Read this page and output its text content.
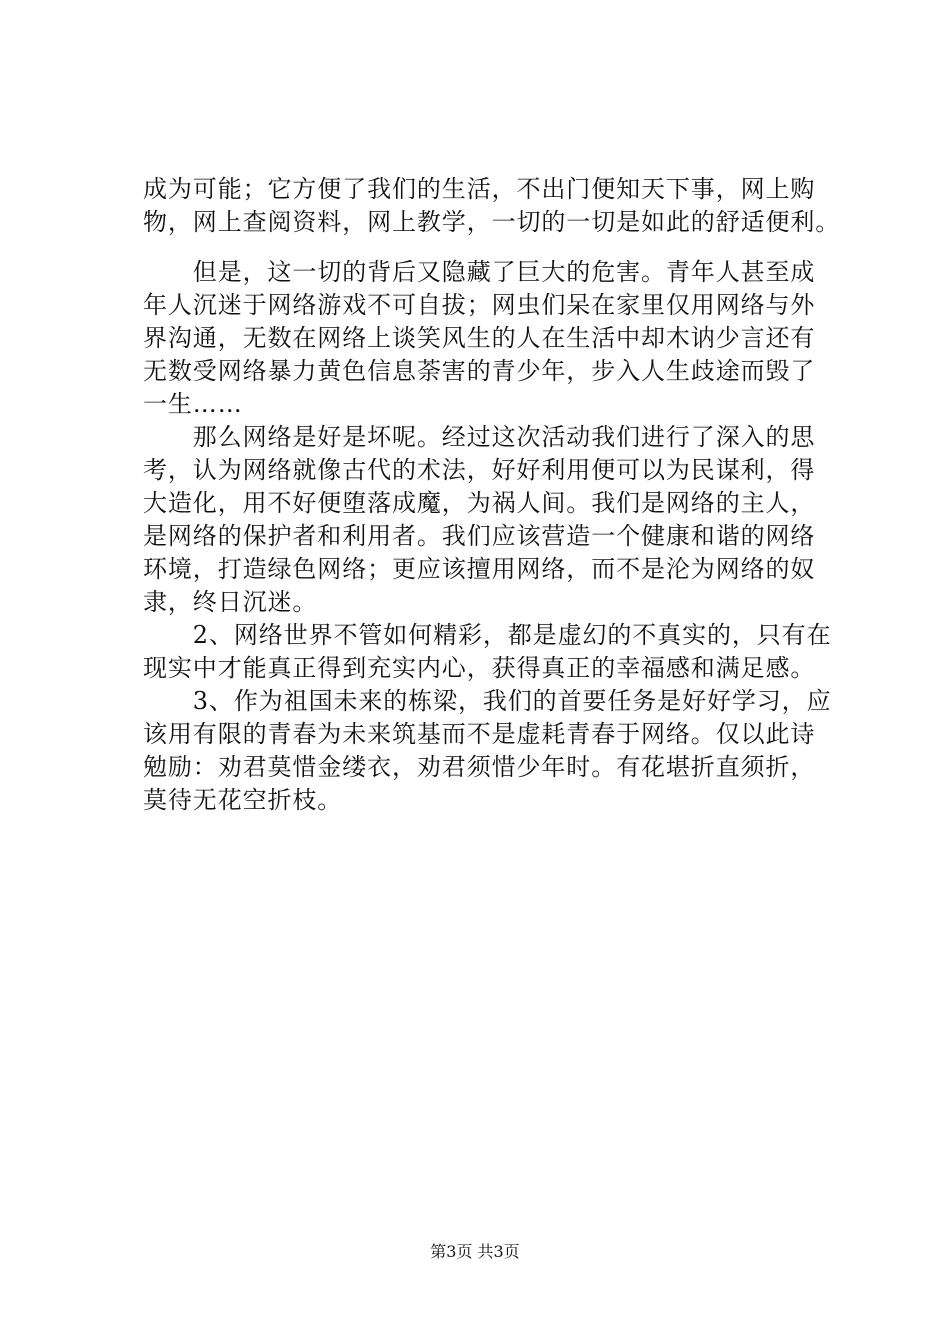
成为可能；它方便了我们的生活，不出门便知天下事，网上购
物，网上查阅资料，网上教学，一切的一切是如此的舒适便利。
　　但是，这一切的背后又隐藏了巨大的危害。青年人甚至成
年人沉迷于网络游戏不可自拔；网虫们呆在家里仅用网络与外
界沟通，无数在网络上谈笑风生的人在生活中却木讷少言还有
无数受网络暴力黄色信息荼害的青少年，步入人生歧途而毁了
一生……
　　那么网络是好是坏呢。经过这次活动我们进行了深入的思
考，认为网络就像古代的术法，好好利用便可以为民谋利，得
大造化，用不好便堕落成魔，为祸人间。我们是网络的主人，
是网络的保护者和利用者。我们应该营造一个健康和谐的网络
环境，打造绿色网络；更应该擅用网络，而不是沦为网络的奴
隶，终日沉迷。
　　2、网络世界不管如何精彩，都是虚幻的不真实的，只有在
现实中才能真正得到充实内心，获得真正的幸福感和满足感。
　　3、作为祖国未来的栋梁，我们的首要任务是好好学习，应
该用有限的青春为未来筑基而不是虚耗青春于网络。仅以此诗
勉励：劝君莫惜金缕衣，劝君须惜少年时。有花堪折直须折，
莫待无花空折枝。
第3页 共3页
